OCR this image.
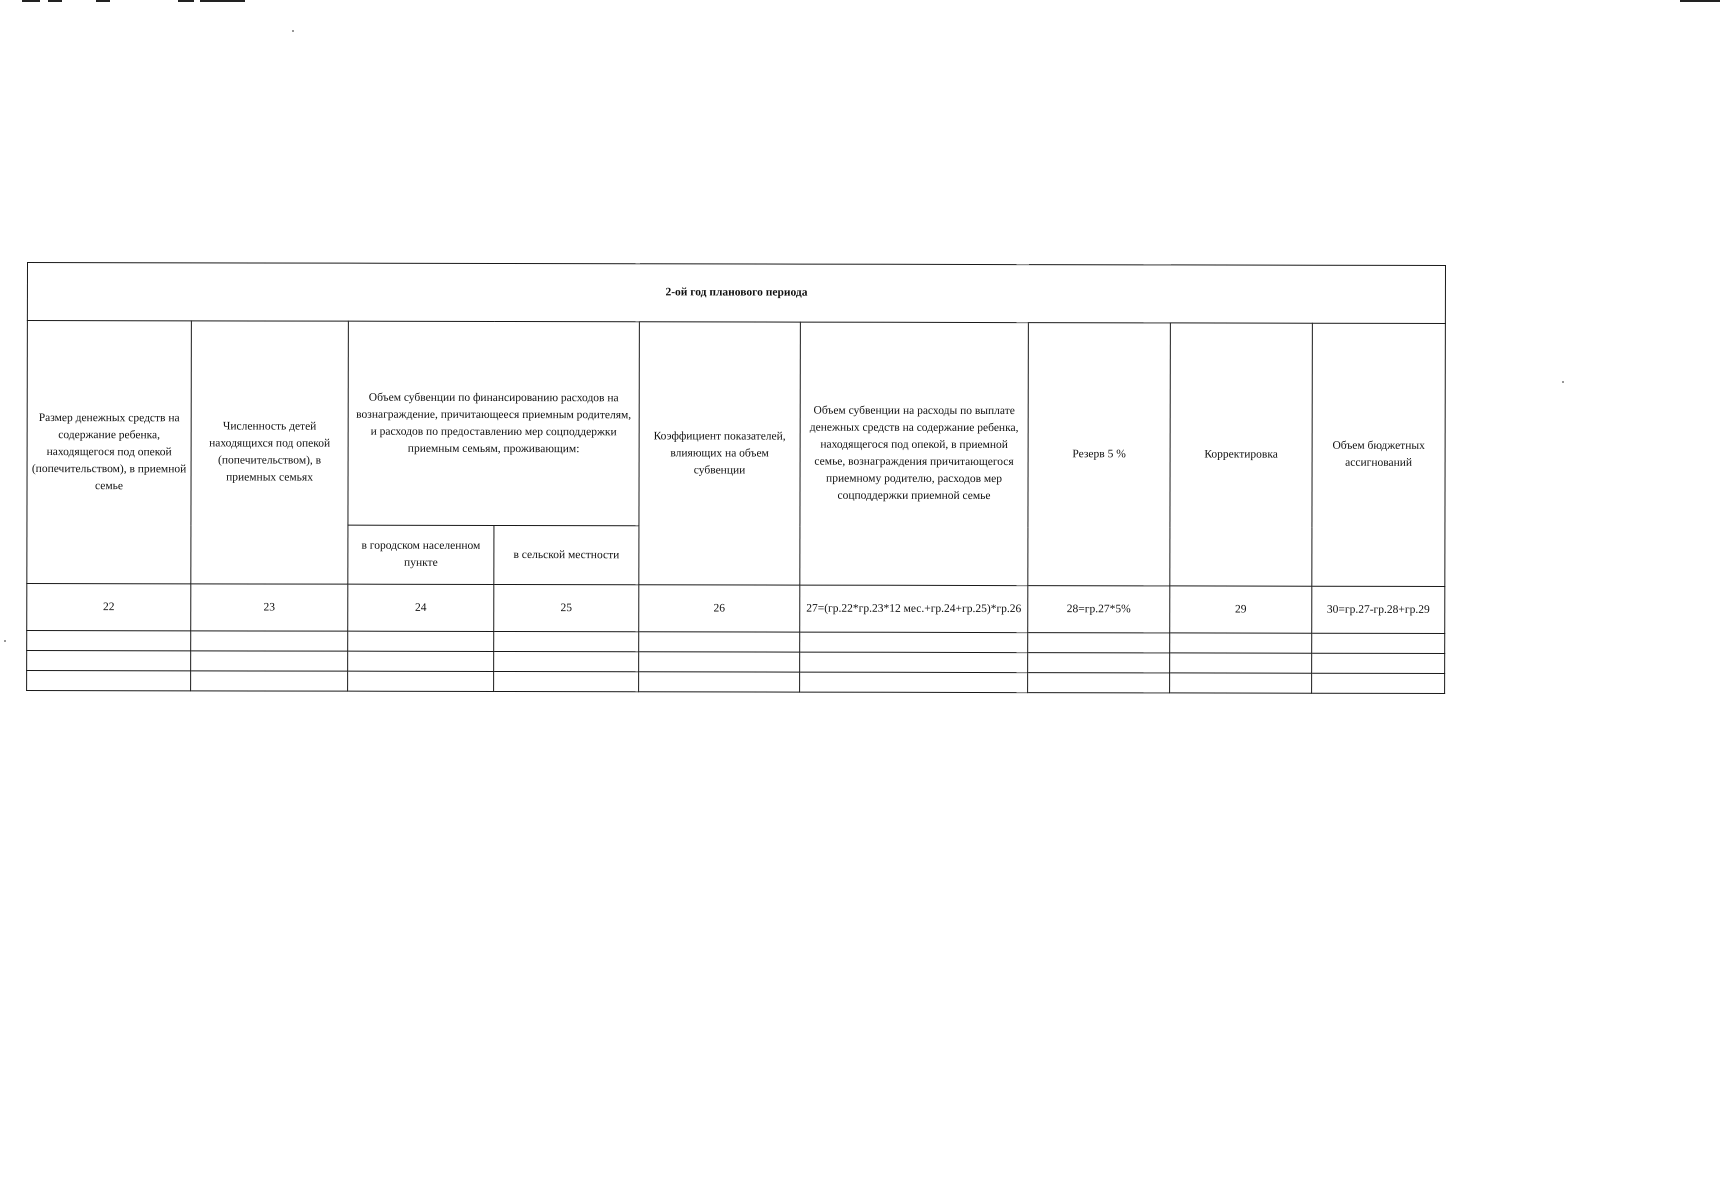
2-ой год планового периода								
Размер денежных средств на содержание ребенка, находящегося под опекой (попечительством), в приемной семье	Численность детей находящихся под опекой (попечительством), в приемных семьях	Объем субвенции по финансированию расходов на вознаграждение, причитающееся приемным родителям, и расходов по предоставлению мер соцподдержки приемным семьям, проживающим:		Коэффициент показателей, влияющих на объем субвенции	Объем субвенции на расходы по выплате денежных средств на содержание ребенка, находящегося под опекой, в приемной семье, вознаграждения причитающегося приемному родителю, расходов мер соцподдержки приемной семье	Резерв 5 %	Корректировка	Объем бюджетных ассигнований
		в городском населенном пункте	в сельской местности					
22	23	24	25	26	27=(гр.22*гр.23*12 мес.+гр.24+гр.25)*гр.26	28=гр.27*5%	29	30=гр.27-гр.28+гр.29
